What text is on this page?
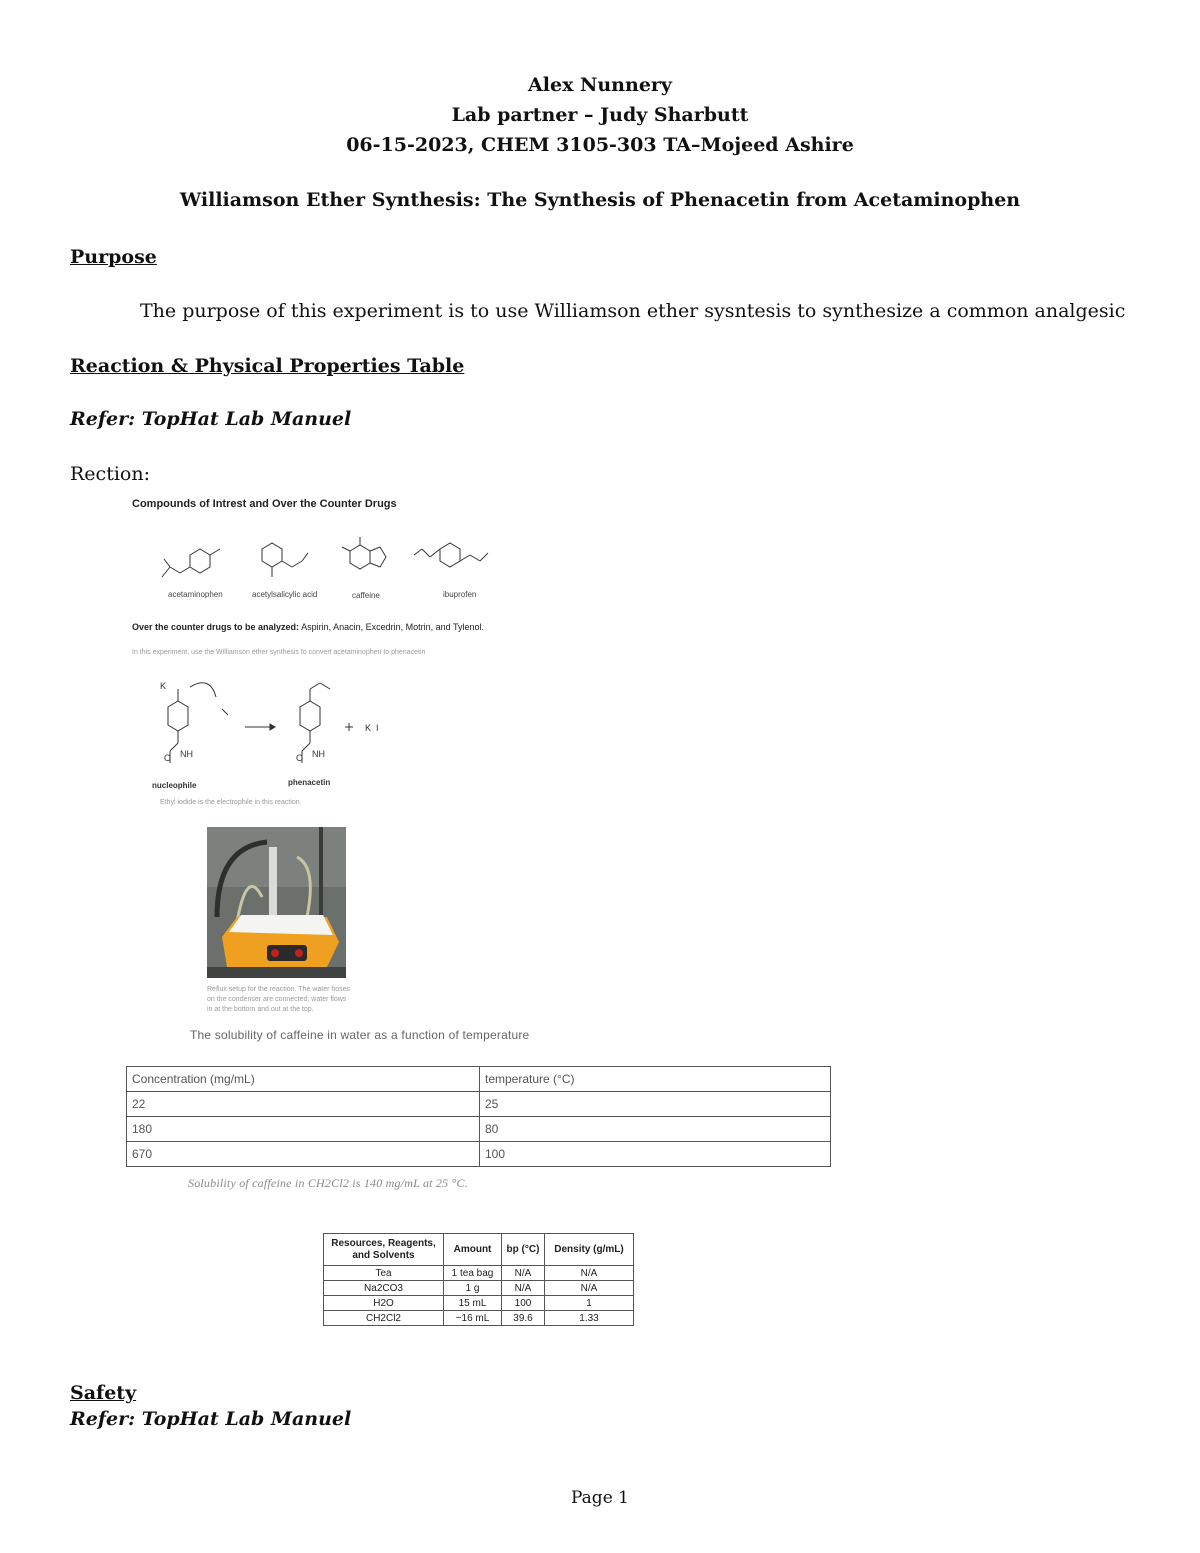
Alex Nunnery
Lab partner – Judy Sharbutt
06-15-2023, CHEM 3105-303 TA–Mojeed Ashire
Williamson Ether Synthesis: The Synthesis of Phenacetin from Acetaminophen
Purpose
The purpose of this experiment is to use Williamson ether sysntesis to synthesize a common analgesic
Reaction & Physical Properties Table
Refer: TopHat Lab Manuel
Rection:
Compounds of Intrest and Over the Counter Drugs
acetaminophen	acetylsalicylic acid	caffeine	ibuprofen
Over the counter drugs to be analyzed: Aspirin, Anacin, Excedrin, Motrin, and Tylenol.
In this experiment, use the Williamson ether synthesis to convert acetaminophen to phenacetin
K
O NH	O NH
K I
nucleophile	phenacetin
Ethyl iodide is the electrophile in this reaction
Reflux setup for the reaction. The water hoses on the condenser are connected; water flows in at the bottom and out at the top.
The solubility of caffeine in water as a function of temperature
Concentration (mg/mL)	temperature (°C)
22	25
180	80
670	100
Solubility of caffeine in CH2Cl2 is 140 mg/mL at 25 °C.
Resources, Reagents, and Solvents	Amount	bp (°C)	Density (g/mL)
Tea	1 tea bag	N/A	N/A
Na2CO3	1 g	N/A	N/A
H2O	15 mL	100	1
CH2Cl2	~16 mL	39.6	1.33
Safety
Refer: TopHat Lab Manuel
Page 1
